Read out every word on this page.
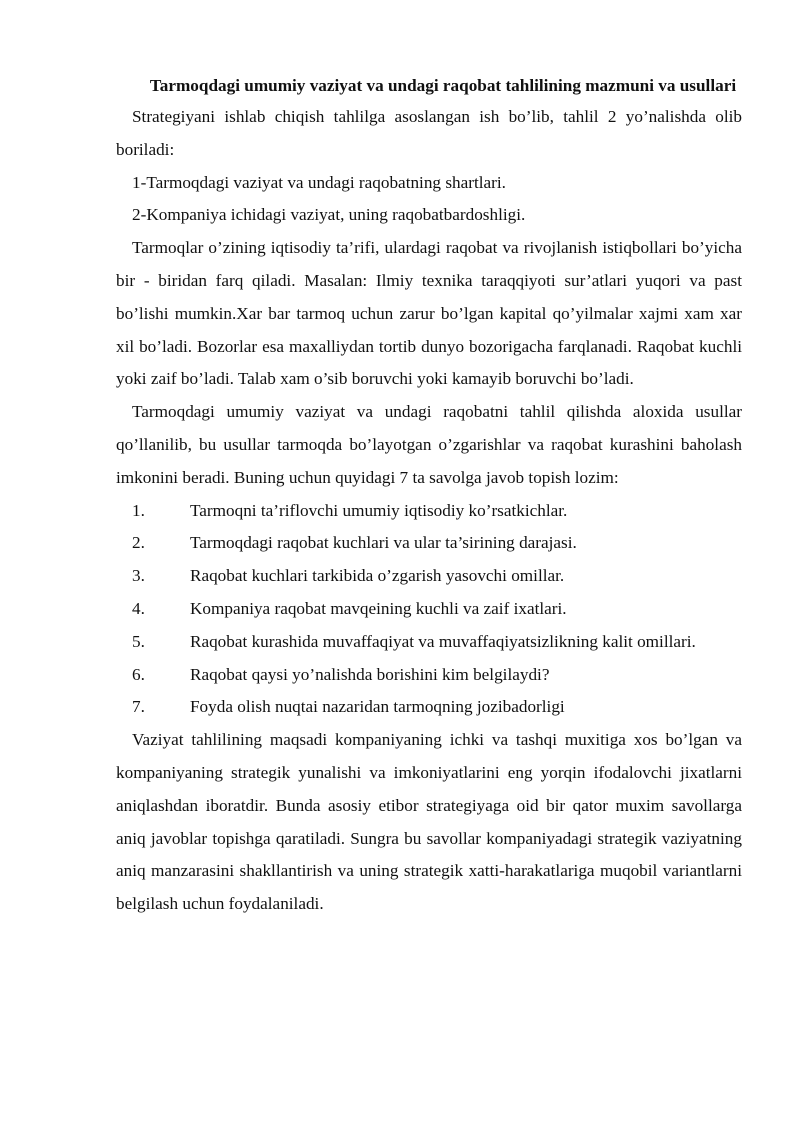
Tarmoqdagi umumiy vaziyat va undagi raqobat tahlilining mazmuni va usullari

Strategiyani ishlab chiqish tahlilga asoslangan ish bo’lib, tahlil 2 yo’nalishda olib boriladi:

1-Tarmoqdagi vaziyat va undagi raqobatning shartlari.

2-Kompaniya ichidagi vaziyat, uning raqobatbardoshligi.

Tarmoqlar o’zining iqtisodiy ta’rifi, ulardagi raqobat va rivojlanish istiqbollari bo’yicha bir - biridan farq qiladi. Masalan: Ilmiy texnika taraqqiyoti sur’atlari yuqori va past bo’lishi mumkin.Xar bar tarmoq uchun zarur bo’lgan kapital qo’yilmalar xajmi xam xar xil bo’ladi. Bozorlar esa maxalliydan tortib dunyo bozorigacha farqlanadi. Raqobat kuchli yoki zaif bo’ladi. Talab xam o’sib boruvchi yoki kamayib boruvchi bo’ladi.

Tarmoqdagi umumiy vaziyat va undagi raqobatni tahlil qilishda aloxida usullar qo’llanilib, bu usullar tarmoqda bo’layotgan o’zgarishlar va raqobat kurashini baholash imkonini beradi. Buning uchun quyidagi 7 ta savolga javob topish lozim:

1.	Tarmoqni ta’riflovchi umumiy iqtisodiy ko’rsatkichlar.
2.	Tarmoqdagi raqobat kuchlari va ular ta’sirining darajasi.
3.	Raqobat kuchlari tarkibida o’zgarish yasovchi omillar.
4.	Kompaniya raqobat mavqeining kuchli va zaif ixatlari.
5.	Raqobat kurashida muvaffaqiyat va muvaffaqiyatsizlikning kalit omillari.
6.	Raqobat qaysi yo’nalishda borishini kim belgilaydi?
7.	Foyda olish nuqtai nazaridan tarmoqning jozibadorligi

Vaziyat tahlilining maqsadi kompaniyaning ichki va tashqi muxitiga xos bo’lgan va kompaniyaning strategik yunalishi va imkoniyatlarini eng yorqin ifodalovchi jixatlarni aniqlashdan iboratdir. Bunda asosiy etibor strategiyaga oid bir qator muxim savollarga aniq javoblar topishga qaratiladi. Sungra bu savollar kompaniyadagi strategik vaziyatning aniq manzarasini shakllantirish va uning strategik xatti-harakatlariga muqobil variantlarni belgilash uchun foydalaniladi.
